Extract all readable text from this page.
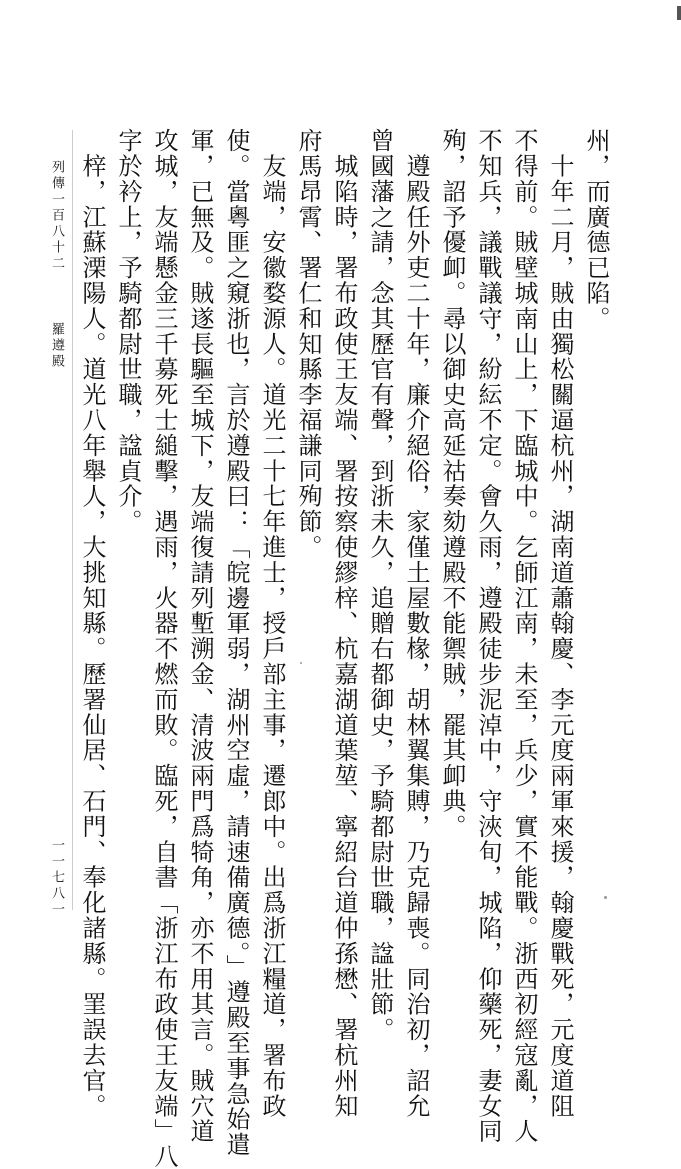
州，而廣德已陷。
　十年二月，賊由獨松關逼杭州，湖南道蕭翰慶、李元度兩軍來援，翰慶戰死，元度道阻
不得前。賊壁城南山上，下臨城中。乞師江南，未至，兵少，實不能戰。浙西初經寇亂，人
不知兵，議戰議守，紛紜不定。會久雨，遵殿徒步泥淖中，守浹旬，城陷，仰藥死，妻女同
殉，詔予優卹。尋以御史高延祜奏劾遵殿不能禦賊，罷其卹典。
　遵殿任外吏二十年，廉介絕俗，家僅土屋數椽，胡林翼集賻，乃克歸喪。同治初，詔允
曾國藩之請，念其歷官有聲，到浙未久，追贈右都御史，予騎都尉世職，諡壯節。
　城陷時，署布政使王友端、署按察使繆梓、杭嘉湖道葉堃、寧紹台道仲孫懋、署杭州知
府馬昂霄、署仁和知縣李福謙同殉節。
　友端，安徽婺源人。道光二十七年進士，授戶部主事，遷郎中。出爲浙江糧道，署布政
使。當粵匪之窺浙也，言於遵殿曰：「皖邊軍弱，湖州空虛，請速備廣德。」遵殿至事急始遣
軍，已無及。賊遂長驅至城下，友端復請列塹溯金、清波兩門爲犄角，亦不用其言。賊穴道
攻城，友端懸金三千募死士縋擊，遇雨，火器不燃而敗。臨死，自書「浙江布政使王友端」八
字於衿上，予騎都尉世職，諡貞介。
　梓，江蘇溧陽人。道光八年舉人，大挑知縣。歷署仙居、石門、奉化諸縣。罣誤去官。
列傳一百八十二
羅遵殿
一一七八一
